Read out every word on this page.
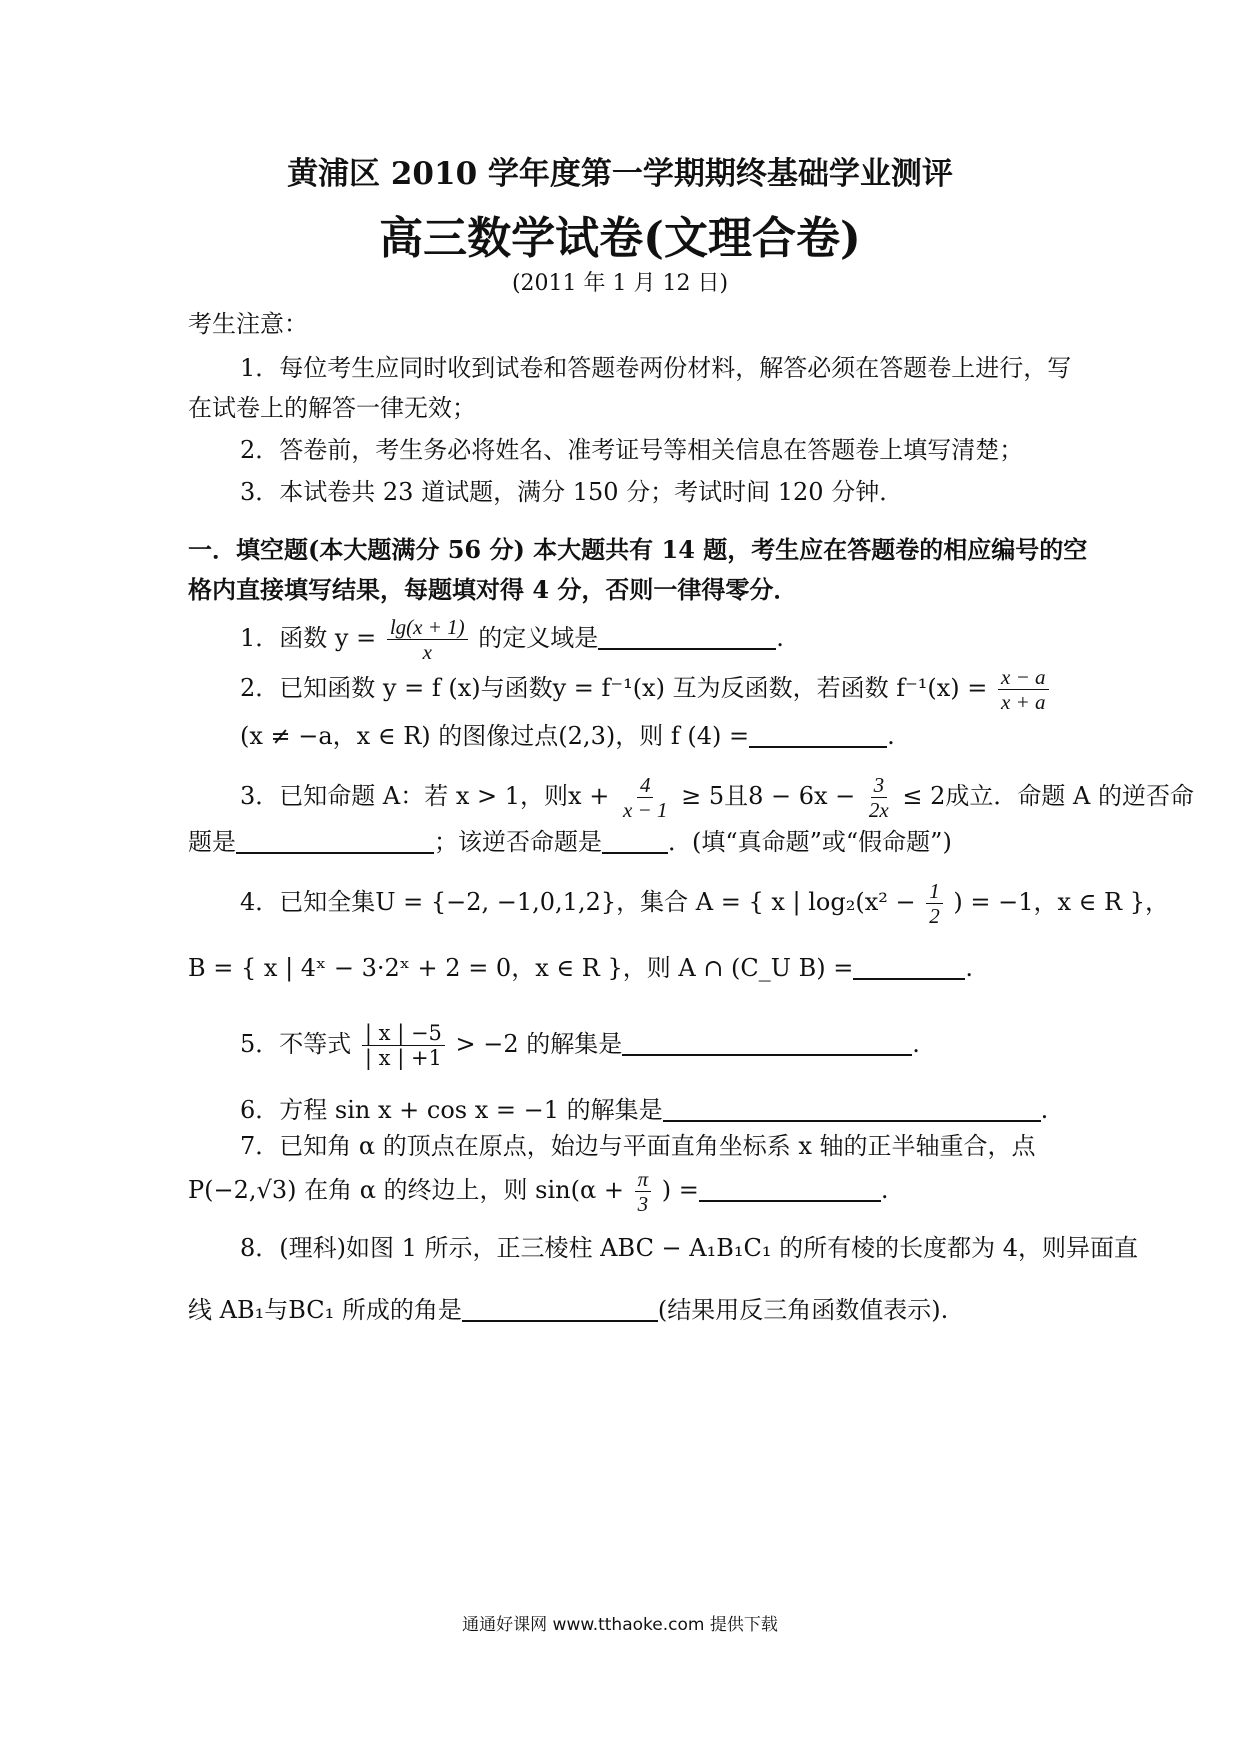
黄浦区 2010 学年度第一学期期终基础学业测评
高三数学试卷(文理合卷)
(2011 年 1 月 12 日)
考生注意：
1．每位考生应同时收到试卷和答题卷两份材料，解答必须在答题卷上进行，写
在试卷上的解答一律无效；
2．答卷前，考生务必将姓名、准考证号等相关信息在答题卷上填写清楚；
3．本试卷共 23 道试题，满分 150 分；考试时间 120 分钟．
一．填空题(本大题满分 56 分) 本大题共有 14 题，考生应在答题卷的相应编号的空
格内直接填写结果，每题填对得 4 分，否则一律得零分．
1．函数 $y = \frac{\lg(x + 1)}{x}$ 的定义域是	.
2．已知函数 y = f (x)与函数y = f⁻¹(x) 互为反函数，若函数 $f^{-1}(x) = \frac{x - a}{x + a}$
(x ≠ −a，x ∈ R) 的图像过点(2,3)，则 f (4) =	.
3．已知命题 A：若 x > 1，则$x + \frac{4}{x - 1} \ge 5$且$8 - 6x - \frac{3}{2x} \le 2$成立．命题 A 的逆否命
题是	；该逆否命题是	．(填“真命题”或“假命题”)
4．已知全集U = {−2, −1,0,1,2}，集合 A = { x | $\log_2(x^2 - \frac{1}{2}$ ) = −1，x ∈ R }，
B = { x | 4ˣ − 3·2ˣ + 2 = 0，x ∈ R }，则 A ∩ (C_U B) =	.
5．不等式 $\frac{| x | -5}{| x | +1} > -2$ 的解集是	.
6．方程 sin x + cos x = −1 的解集是	.
7．已知角 α 的顶点在原点，始边与平面直角坐标系 x 轴的正半轴重合，点
P(−2,√3) 在角 α 的终边上，则 $\sin(\alpha + \frac{\pi}{3}$ ) =	.
8．(理科)如图 1 所示，正三棱柱 ABC − A₁B₁C₁ 的所有棱的长度都为 4，则异面直
线 AB₁与BC₁ 所成的角是	(结果用反三角函数值表示).
通通好课网 www.tthaoke.com 提供下载
